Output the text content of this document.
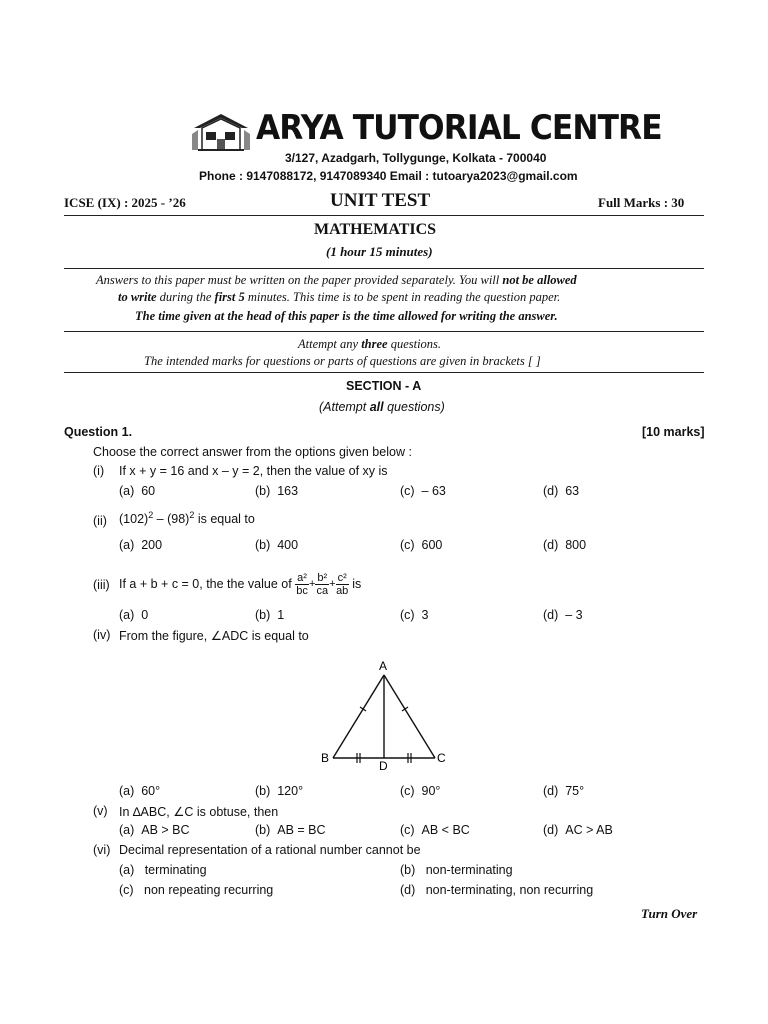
ARYA TUTORIAL CENTRE
3/127, Azadgarh, Tollygunge, Kolkata - 700040
Phone : 9147088172, 9147089340 Email : tutoarya2023@gmail.com
ICSE (IX) : 2025 - ’26	UNIT TEST	Full Marks : 30
MATHEMATICS
(1 hour 15 minutes)
Answers to this paper must be written on the paper provided separately. You will not be allowed
to write during the first 5 minutes. This time is to be spent in reading the question paper.
The time given at the head of this paper is the time allowed for writing the answer.
Attempt any three questions.
The intended marks for questions or parts of questions are given in brackets [ ]
SECTION - A
(Attempt all questions)
Question 1.	[10 marks]
Choose the correct answer from the options given below :
(i) If x + y = 16 and x – y = 2, then the value of xy is
(a) 60	(b) 163	(c) – 63	(d) 63
(ii) $(102)^2 - (98)^2$ is equal to
(a) 200	(b) 400	(c) 600	(d) 800
(iii) If a + b + c = 0, the the value of
$\frac{\text{a²}}{bc} + \frac{\text{b²}}{ca} + \frac{\text{c²}}{ab}$
is
(a) 0	(b) 1	(c) 3	(d) – 3
(iv) From the figure, ∠ADC is equal to
A
B	C
D
(a) 60°	(b) 120°	(c) 90°	(d) 75°
(v) In ∆ABC, ∠C is obtuse, then
(a) AB > BC	(b) AB = BC	(c) AB < BC	(d) AC > AB
(vi) Decimal representation of a rational number cannot be
(a) terminating	(b) non-terminating
(c) non repeating recurring	(d) non-terminating, non recurring
Turn Over
